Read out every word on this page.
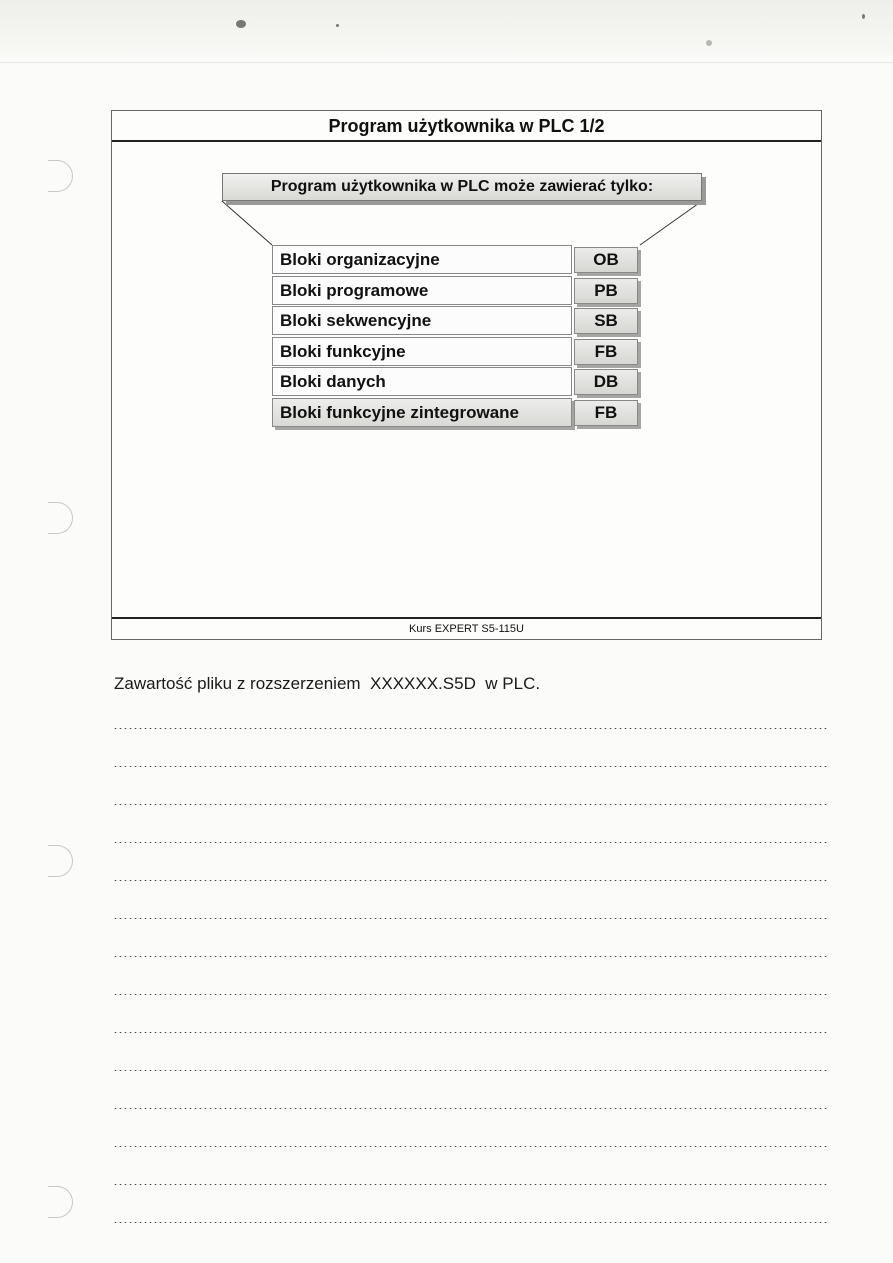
Program użytkownika w PLC 1/2
Program użytkownika w PLC może zawierać tylko:
Bloki organizacyjne	OB
Bloki programowe	PB
Bloki sekwencyjne	SB
Bloki funkcyjne	FB
Bloki danych	DB
Bloki funkcyjne zintegrowane	FB
Kurs EXPERT S5-115U
Zawartość pliku z rozszerzeniem  XXXXXX.S5D  w PLC.
